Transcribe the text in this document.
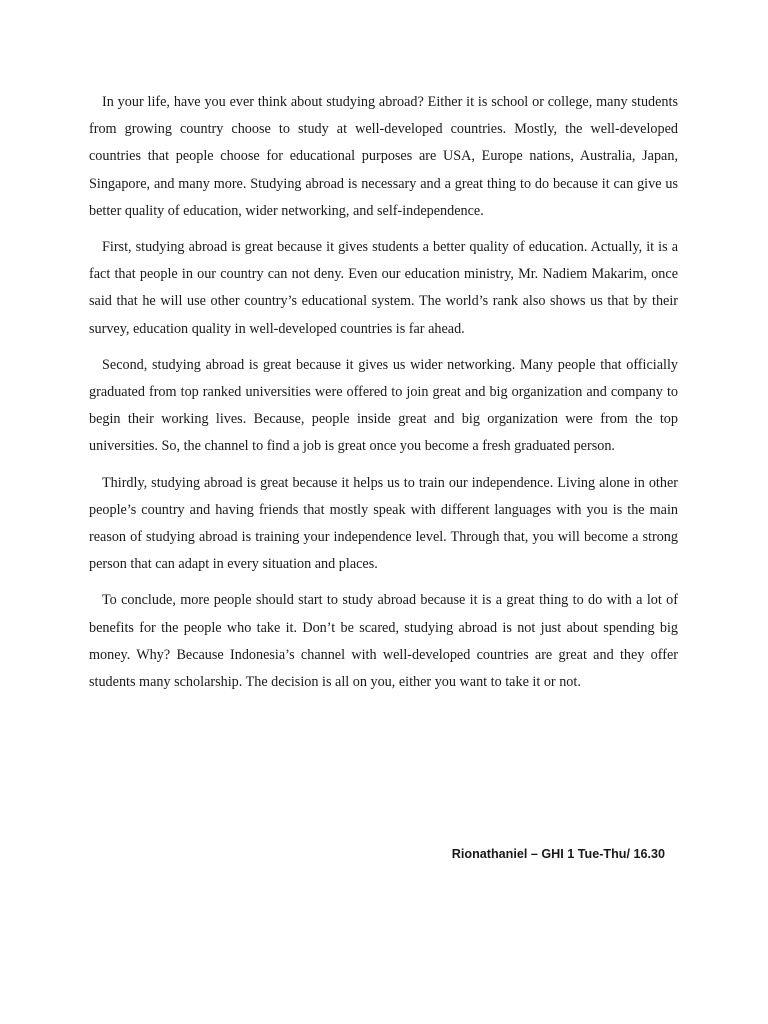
In your life, have you ever think about studying abroad? Either it is school or college, many students from growing country choose to study at well-developed countries. Mostly, the well-developed countries that people choose for educational purposes are USA, Europe nations, Australia, Japan, Singapore, and many more. Studying abroad is necessary and a great thing to do because it can give us better quality of education, wider networking, and self-independence.

First, studying abroad is great because it gives students a better quality of education. Actually, it is a fact that people in our country can not deny. Even our education ministry, Mr. Nadiem Makarim, once said that he will use other country’s educational system. The world’s rank also shows us that by their survey, education quality in well-developed countries is far ahead.

Second, studying abroad is great because it gives us wider networking. Many people that officially graduated from top ranked universities were offered to join great and big organization and company to begin their working lives. Because, people inside great and big organization were from the top universities. So, the channel to find a job is great once you become a fresh graduated person.

Thirdly, studying abroad is great because it helps us to train our independence. Living alone in other people’s country and having friends that mostly speak with different languages with you is the main reason of studying abroad is training your independence level. Through that, you will become a strong person that can adapt in every situation and places.

To conclude, more people should start to study abroad because it is a great thing to do with a lot of benefits for the people who take it. Don’t be scared, studying abroad is not just about spending big money. Why? Because Indonesia’s channel with well-developed countries are great and they offer students many scholarship. The decision is all on you, either you want to take it or not.

Rionathaniel – GHI 1 Tue-Thu/ 16.30
